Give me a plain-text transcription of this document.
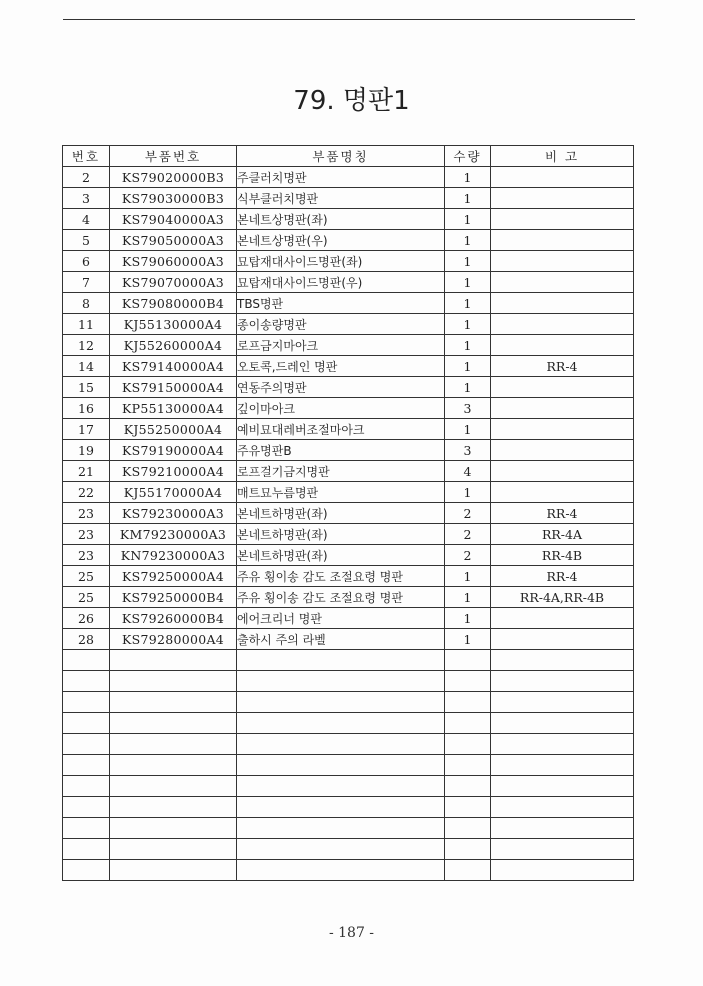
79. 명판1
번호	부품번호	부품명칭	수량	비 고
2	KS79020000B3	주클러치명판	1	
3	KS79030000B3	식부클러치명판	1	
4	KS79040000A3	본네트상명판(좌)	1	
5	KS79050000A3	본네트상명판(우)	1	
6	KS79060000A3	묘탑재대사이드명판(좌)	1	
7	KS79070000A3	묘탑재대사이드명판(우)	1	
8	KS79080000B4	TBS명판	1	
11	KJ55130000A4	종이송량명판	1	
12	KJ55260000A4	로프금지마아크	1	
14	KS79140000A4	오토콕,드레인 명판	1	RR-4
15	KS79150000A4	연동주의명판	1	
16	KP55130000A4	깊이마아크	3	
17	KJ55250000A4	예비묘대레버조절마아크	1	
19	KS79190000A4	주유명판B	3	
21	KS79210000A4	로프걸기금지명판	4	
22	KJ55170000A4	매트묘누름명판	1	
23	KS79230000A3	본네트하명판(좌)	2	RR-4
23	KM79230000A3	본네트하명판(좌)	2	RR-4A
23	KN79230000A3	본네트하명판(좌)	2	RR-4B
25	KS79250000A4	주유 횡이송 감도 조절요령 명판	1	RR-4
25	KS79250000B4	주유 횡이송 감도 조절요령 명판	1	RR-4A,RR-4B
26	KS79260000B4	에어크리너 명판	1	
28	KS79280000A4	출하시 주의 라벨	1	

- 187 -
